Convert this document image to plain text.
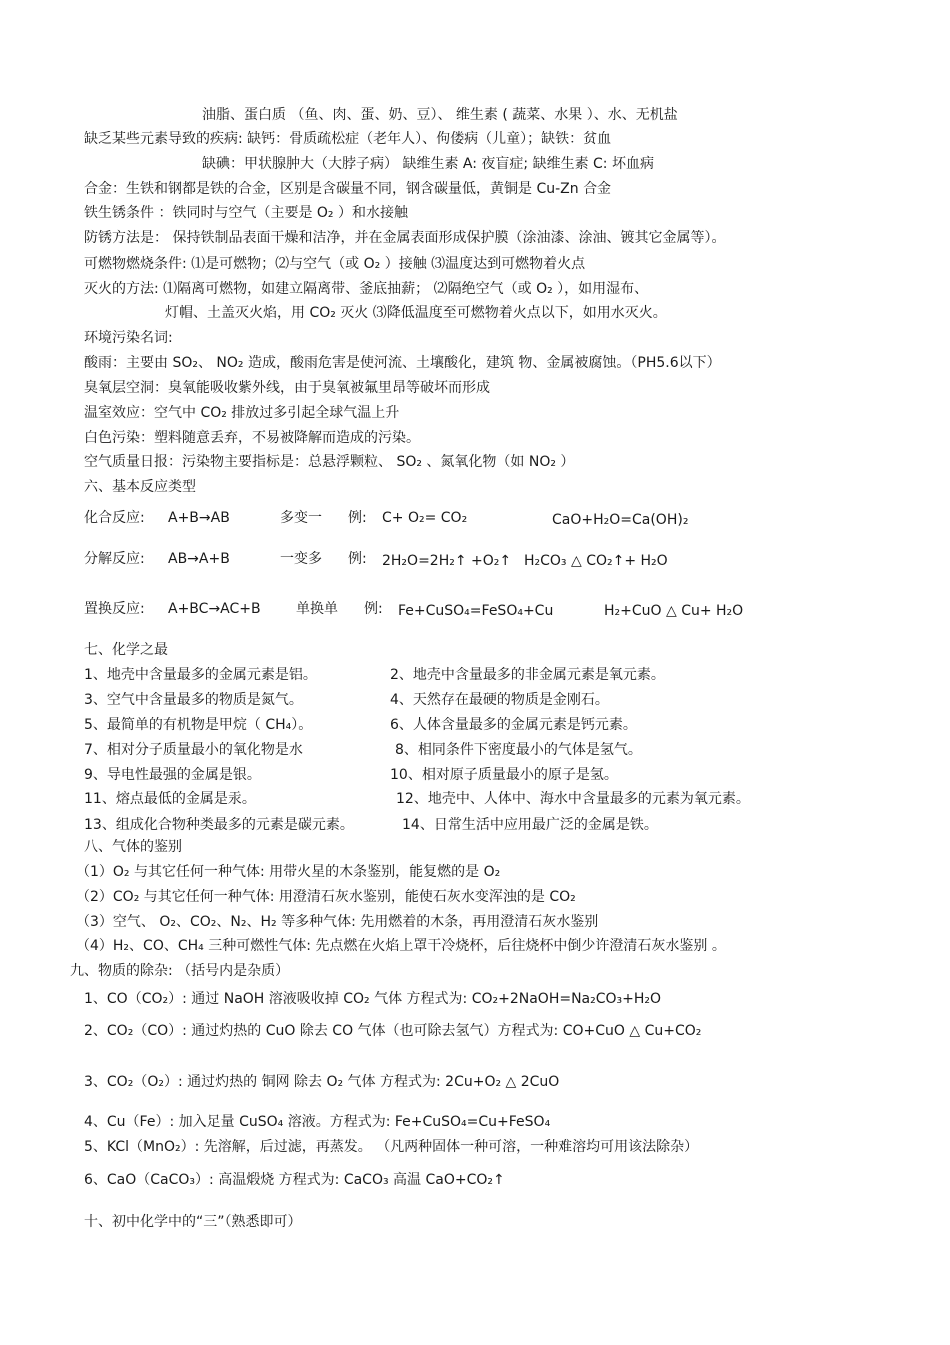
油脂、蛋白质 （鱼、肉、蛋、奶、豆）、 维生素 ( 蔬菜、水果 ）、水、无机盐
缺乏某些元素导致的疾病: 缺钙：骨质疏松症（老年人）、佝偻病（儿童）；缺铁：贫血
缺碘：甲状腺肿大（大脖子病） 缺维生素 A: 夜盲症; 缺维生素 C: 坏血病
合金：生铁和钢都是铁的合金，区别是含碳量不同，钢含碳量低，黄铜是 Cu-Zn 合金
铁生锈条件 ：铁同时与空气（主要是 O₂ ）和水接触
防锈方法是： 保持铁制品表面干燥和洁净，并在金属表面形成保护膜（涂油漆、涂油、镀其它金属等）。
可燃物燃烧条件: ⑴是可燃物；⑵与空气（或 O₂ ）接触 ⑶温度达到可燃物着火点
灭火的方法: ⑴隔离可燃物，如建立隔离带、釜底抽薪； ⑵隔绝空气（或 O₂ ），如用湿布、
灯帽、土盖灭火焰，用 CO₂ 灭火 ⑶降低温度至可燃物着火点以下，如用水灭火。
环境污染名词:
酸雨：主要由 SO₂、 NO₂ 造成，酸雨危害是使河流、土壤酸化，建筑 物、金属被腐蚀。（PH5.6以下）
臭氧层空洞：臭氧能吸收紫外线，由于臭氧被氟里昂等破坏而形成
温室效应：空气中 CO₂ 排放过多引起全球气温上升
白色污染：塑料随意丢弃，不易被降解而造成的污染。
空气质量日报：污染物主要指标是：总悬浮颗粒、 SO₂ 、氮氧化物（如 NO₂ ）
六、基本反应类型
化合反应: A+B→AB	多变一 例: C+ O₂= CO₂	CaO+H₂O=Ca(OH)₂
分解反应: AB→A+B	一变多 例: 2H₂O=2H₂↑ +O₂↑ H₂CO₃ △ CO₂↑+ H₂O
置换反应: A+BC→AC+B	单换单 例: Fe+CuSO₄=FeSO₄+Cu	H₂+CuO △ Cu+ H₂O
七、化学之最
1、地壳中含量最多的金属元素是铝。	2、地壳中含量最多的非金属元素是氧元素。
3、空气中含量最多的物质是氮气。	4、天然存在最硬的物质是金刚石。
5、最简单的有机物是甲烷（ CH₄）。	6、人体含量最多的金属元素是钙元素。
7、相对分子质量最小的氧化物是水	8、相同条件下密度最小的气体是氢气。
9、导电性最强的金属是银。	10、相对原子质量最小的原子是氢。
11、熔点最低的金属是汞。	12、地壳中、人体中、海水中含量最多的元素为氧元素。
13、组成化合物种类最多的元素是碳元素。	14、日常生活中应用最广泛的金属是铁。
八、气体的鉴别
（1）O₂ 与其它任何一种气体: 用带火星的木条鉴别，能复燃的是 O₂
（2）CO₂ 与其它任何一种气体: 用澄清石灰水鉴别，能使石灰水变浑浊的是 CO₂
（3）空气、 O₂、CO₂、N₂、H₂ 等多种气体: 先用燃着的木条，再用澄清石灰水鉴别
（4）H₂、CO、CH₄ 三种可燃性气体: 先点燃在火焰上罩干冷烧杯，后往烧杯中倒少许澄清石灰水鉴别 。
九、物质的除杂: （括号内是杂质）
1、CO（CO₂）: 通过 NaOH 溶液吸收掉 CO₂ 气体 方程式为: CO₂+2NaOH=Na₂CO₃+H₂O
2、CO₂（CO）: 通过灼热的 CuO 除去 CO 气体（也可除去氢气）方程式为: CO+CuO △ Cu+CO₂
3、CO₂（O₂）: 通过灼热的 铜网 除去 O₂ 气体 方程式为: 2Cu+O₂ △ 2CuO
4、Cu（Fe）: 加入足量 CuSO₄ 溶液。方程式为: Fe+CuSO₄=Cu+FeSO₄
5、KCl（MnO₂）: 先溶解，后过滤，再蒸发。 （凡两种固体一种可溶，一种难溶均可用该法除杂）
6、CaO（CaCO₃）: 高温煅烧 方程式为: CaCO₃ 高温 CaO+CO₂↑
十、初中化学中的“三”（熟悉即可）
